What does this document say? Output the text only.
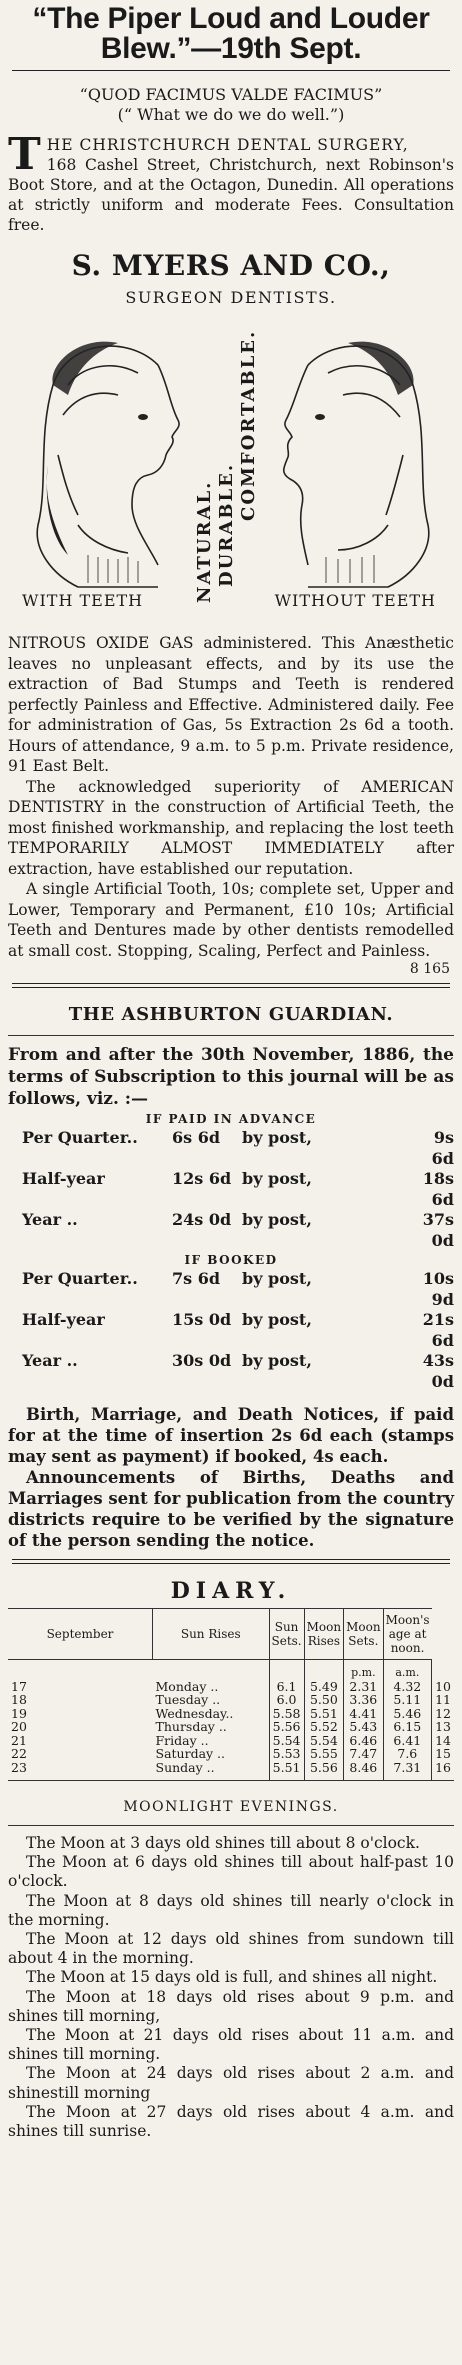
“The Piper Loud and Louder Blew.”—19th Sept.
“QUOD FACIMUS VALDE FACIMUS”
(“ What we do we do well.”)
T HE CHRISTCHURCH DENTAL SURGERY,
168 Cashel Street, Christchurch, next Robinson's Boot Store, and at the Octagon, Dunedin. All operations at strictly uniform and moderate Fees. Consultation free.
S. MYERS AND CO.,
SURGEON DENTISTS.
NATURAL. DURABLE.
COMFORTABLE.
WITH TEETH	WITHOUT TEETH

NITROUS OXIDE GAS administered. This Anæsthetic leaves no unpleasant effects, and by its use the extraction of Bad Stumps and Teeth is rendered perfectly Painless and Effective. Administered daily. Fee for administration of Gas, 5s Extraction 2s 6d a tooth. Hours of attendance, 9 a.m. to 5 p.m. Private residence, 91 East Belt.

The acknowledged superiority of AMERICAN DENTISTRY in the construction of Artificial Teeth, the most finished workmanship, and replacing the lost teeth TEMPORARILY ALMOST IMMEDIATELY after extraction, have established our reputation.

A single Artificial Tooth, 10s; complete set, Upper and Lower, Temporary and Permanent, £10 10s; Artificial Teeth and Dentures made by other dentists remodelled at small cost. Stopping, Scaling, Perfect and Painless.

8 165
THE ASHBURTON GUARDIAN.
From and after the 30th November, 1886, the terms of Subscription to this journal will be as follows, viz. :—
IF PAID IN ADVANCE
Per Quarter..	6s 6d	by post,	9s 6d
Half-year	12s 6d by post,	18s 6d
Year ..	24s 0d by post,	37s 0d
IF BOOKED
Per Quarter..	7s 6d	by post,	10s 9d
Half-year	15s 0d by post,	21s 6d
Year ..	30s 0d by post,	43s 0d

Birth, Marriage, and Death Notices, if paid for at the time of insertion 2s 6d each (stamps may sent as payment) if booked, 4s each.

Announcements of Births, Deaths and Marriages sent for publication from the country districts require to be verified by the signature of the person sending the notice.

DIARY.
September	Sun Rises	Sun Sets.	Moon Rises	Moon Sets.	Moon's age at noon.	
				p.m.	a.m.	
17	Monday ..	6.1	5.49	2.31	4.32	10
18	Tuesday ..	6.0	5.50	3.36	5.11	11
19	Wednesday..	5.58	5.51	4.41	5.46	12
20	Thursday ..	5.56	5.52	5.43	6.15	13
21	Friday ..	5.54	5.54	6.46	6.41	14
22	Saturday ..	5.53	5.55	7.47	7.6	15
23	Sunday ..	5.51	5.56	8.46	7.31	16
MOONLIGHT EVENINGS.

The Moon at 3 days old shines till about 8 o'clock.

The Moon at 6 days old shines till about half-past 10 o'clock.

The Moon at 8 days old shines till nearly o'clock in the morning.

The Moon at 12 days old shines from sundown till about 4 in the morning.

The Moon at 15 days old is full, and shines all night.

The Moon at 18 days old rises about 9 p.m. and shines till morning,

The Moon at 21 days old rises about 11 a.m. and shines till morning.

The Moon at 24 days old rises about 2 a.m. and shinestill morning

The Moon at 27 days old rises about 4 a.m. and shines till sunrise.
